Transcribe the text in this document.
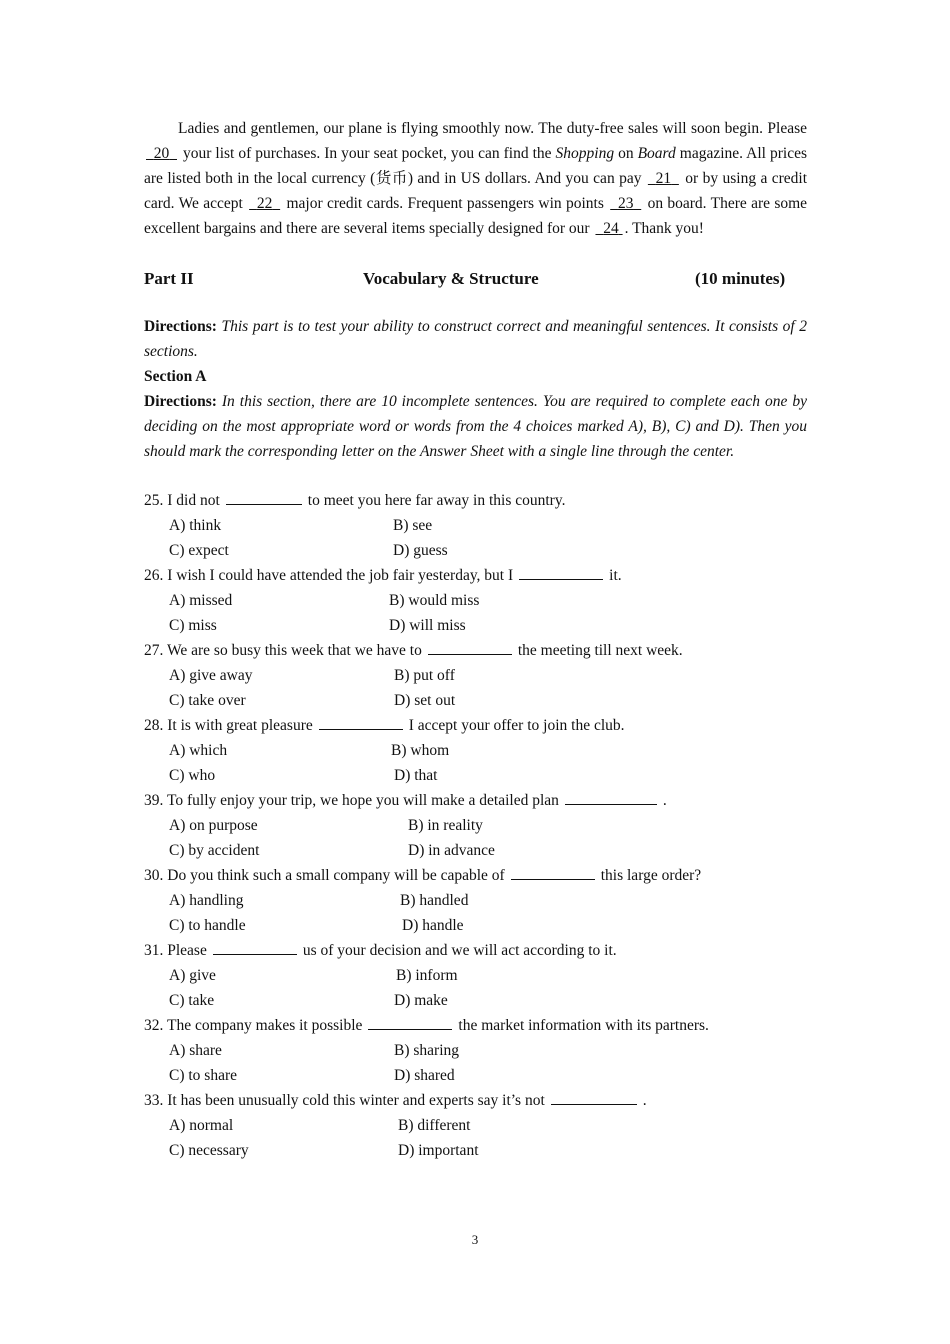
Ladies and gentlemen, our plane is flying smoothly now. The duty-free sales will soon begin. Please   20 your list of purchases. In your seat pocket, you can find the Shopping on Board magazine. All prices are listed both in the local currency (货币) and in US dollars. And you can pay 21 or by using a credit card. We accept 22 major credit cards. Frequent passengers win points 23 on board. There are some excellent bargains and there are several items specially designed for our 24 . Thank you!

Part II	Vocabulary & Structure	(10 minutes)
Directions: This part is to test your ability to construct correct and meaningful sentences. It consists of 2 sections.
Section A
Directions: In this section, there are 10 incomplete sentences. You are required to complete each one by deciding on the most appropriate word or words from the 4 choices marked A), B), C) and D). Then you should mark the corresponding letter on the Answer Sheet with a single line through the center.
25. I did not	to meet you here far away in this country.
A) think	B) see
C) expect	D) guess
26. I wish I could have attended the job fair yesterday, but I	it.
A) missed	B) would miss
C) miss	D) will miss
27. We are so busy this week that we have to	the meeting till next week.
A) give away	B) put off
C) take over	D) set out
28. It is with great pleasure	I accept your offer to join the club.
A) which	B) whom
C) who	D) that
39. To fully enjoy your trip, we hope you will make a detailed plan	.
A) on purpose	B) in reality
C) by accident	D) in advance
30. Do you think such a small company will be capable of	this large order?
A) handling	B) handled
C) to handle	D) handle
31. Please	us of your decision and we will act according to it.
A) give	B) inform
C) take	D) make
32. The company makes it possible	the market information with its partners.
A) share	B) sharing
C) to share	D) shared
33. It has been unusually cold this winter and experts say it’s not	.
A) normal	B) different
C) necessary	D) important
3
